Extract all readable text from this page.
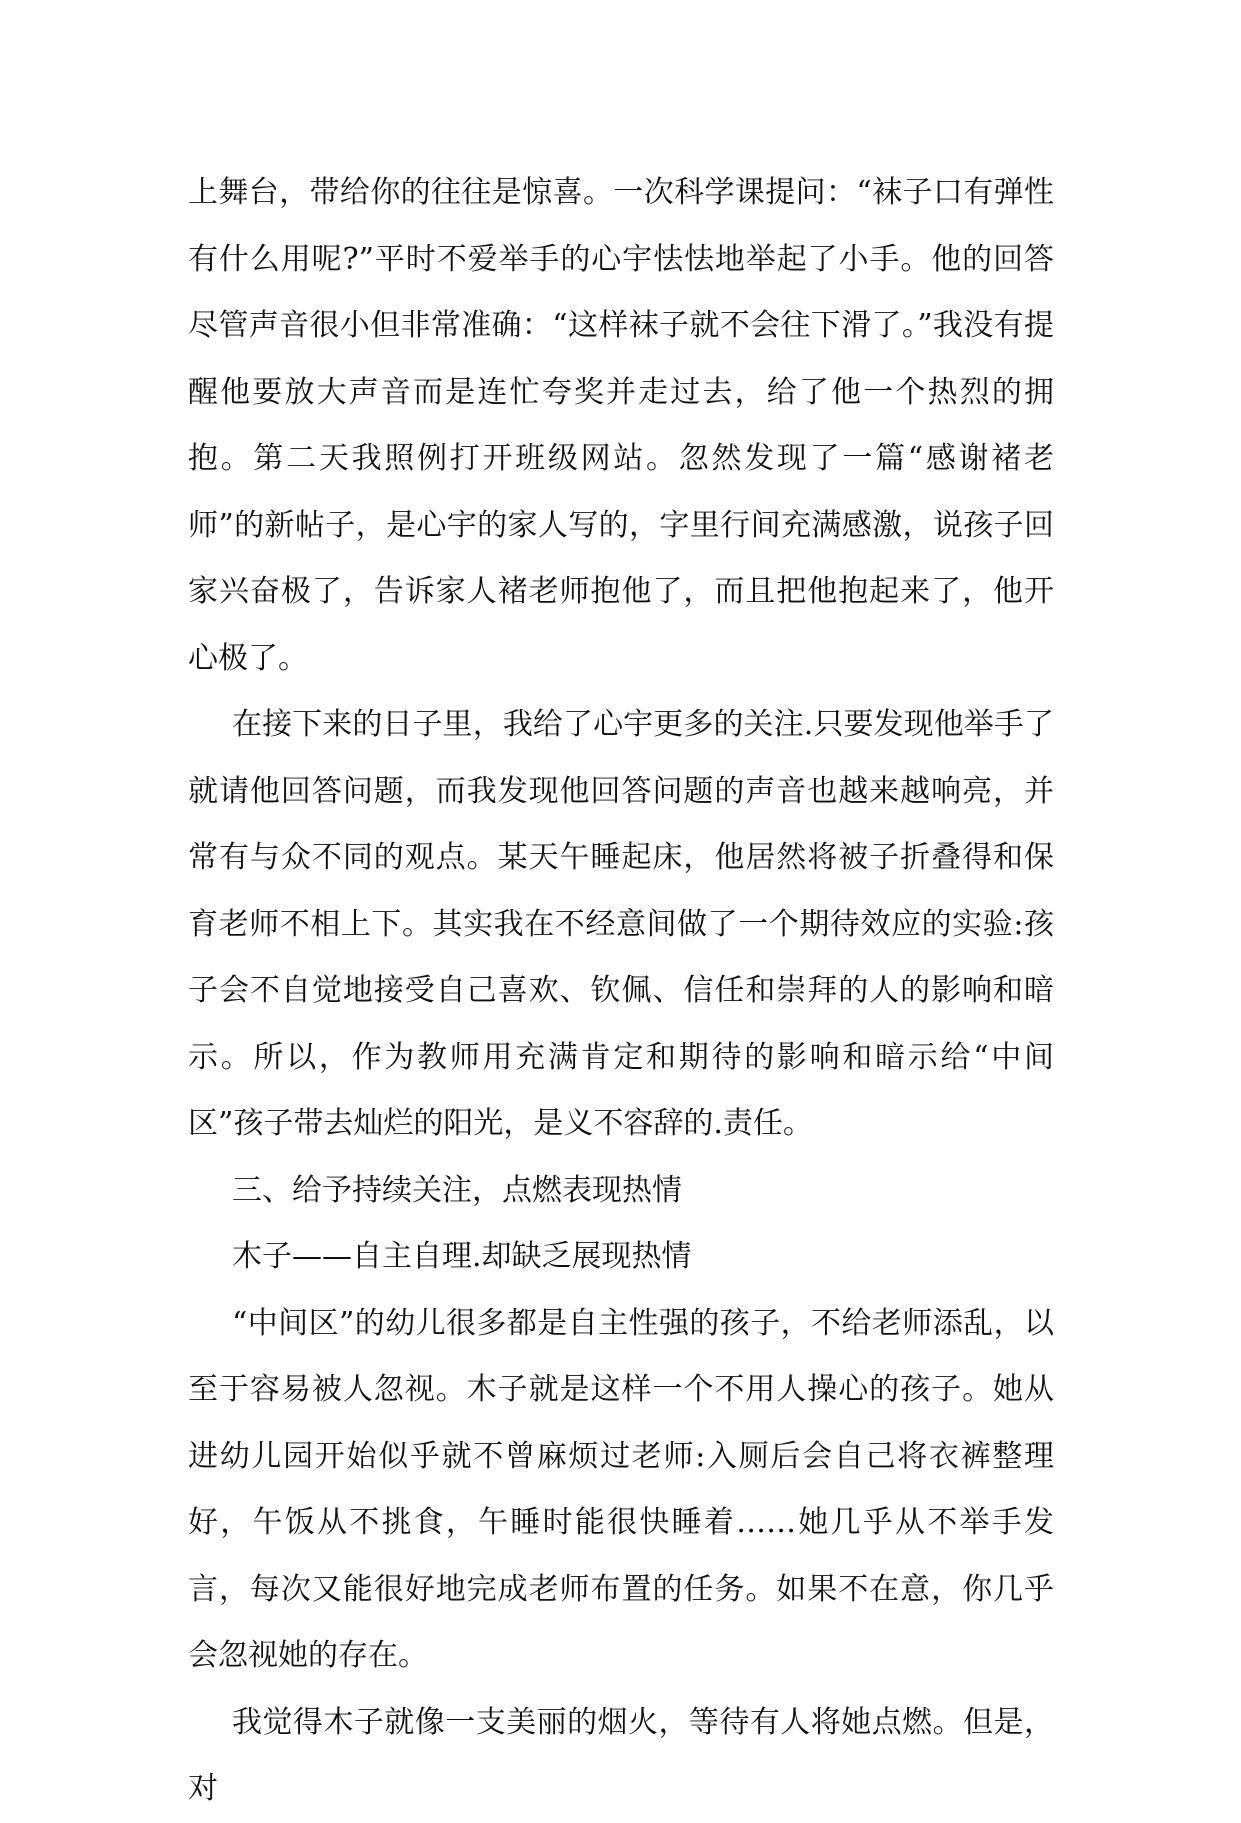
上舞台，带给你的往往是惊喜。一次科学课提问：“袜子口有弹性有什么用呢?”平时不爱举手的心宇怯怯地举起了小手。他的回答尽管声音很小但非常准确：“这样袜子就不会往下滑了。”我没有提醒他要放大声音而是连忙夸奖并走过去，给了他一个热烈的拥抱。第二天我照例打开班级网站。忽然发现了一篇“感谢褚老师”的新帖子，是心宇的家人写的，字里行间充满感激，说孩子回家兴奋极了，告诉家人褚老师抱他了，而且把他抱起来了，他开心极了。

在接下来的日子里，我给了心宇更多的关注.只要发现他举手了就请他回答问题，而我发现他回答问题的声音也越来越响亮，并常有与众不同的观点。某天午睡起床，他居然将被子折叠得和保育老师不相上下。其实我在不经意间做了一个期待效应的实验:孩子会不自觉地接受自己喜欢、钦佩、信任和崇拜的人的影响和暗示。所以，作为教师用充满肯定和期待的影响和暗示给“中间区”孩子带去灿烂的阳光，是义不容辞的.责任。

三、给予持续关注，点燃表现热情

木子——自主自理.却缺乏展现热情

“中间区”的幼儿很多都是自主性强的孩子，不给老师添乱，以至于容易被人忽视。木子就是这样一个不用人操心的孩子。她从进幼儿园开始似乎就不曾麻烦过老师:入厕后会自己将衣裤整理好，午饭从不挑食，午睡时能很快睡着……她几乎从不举手发言，每次又能很好地完成老师布置的任务。如果不在意，你几乎会忽视她的存在。

我觉得木子就像一支美丽的烟火，等待有人将她点燃。但是，对
